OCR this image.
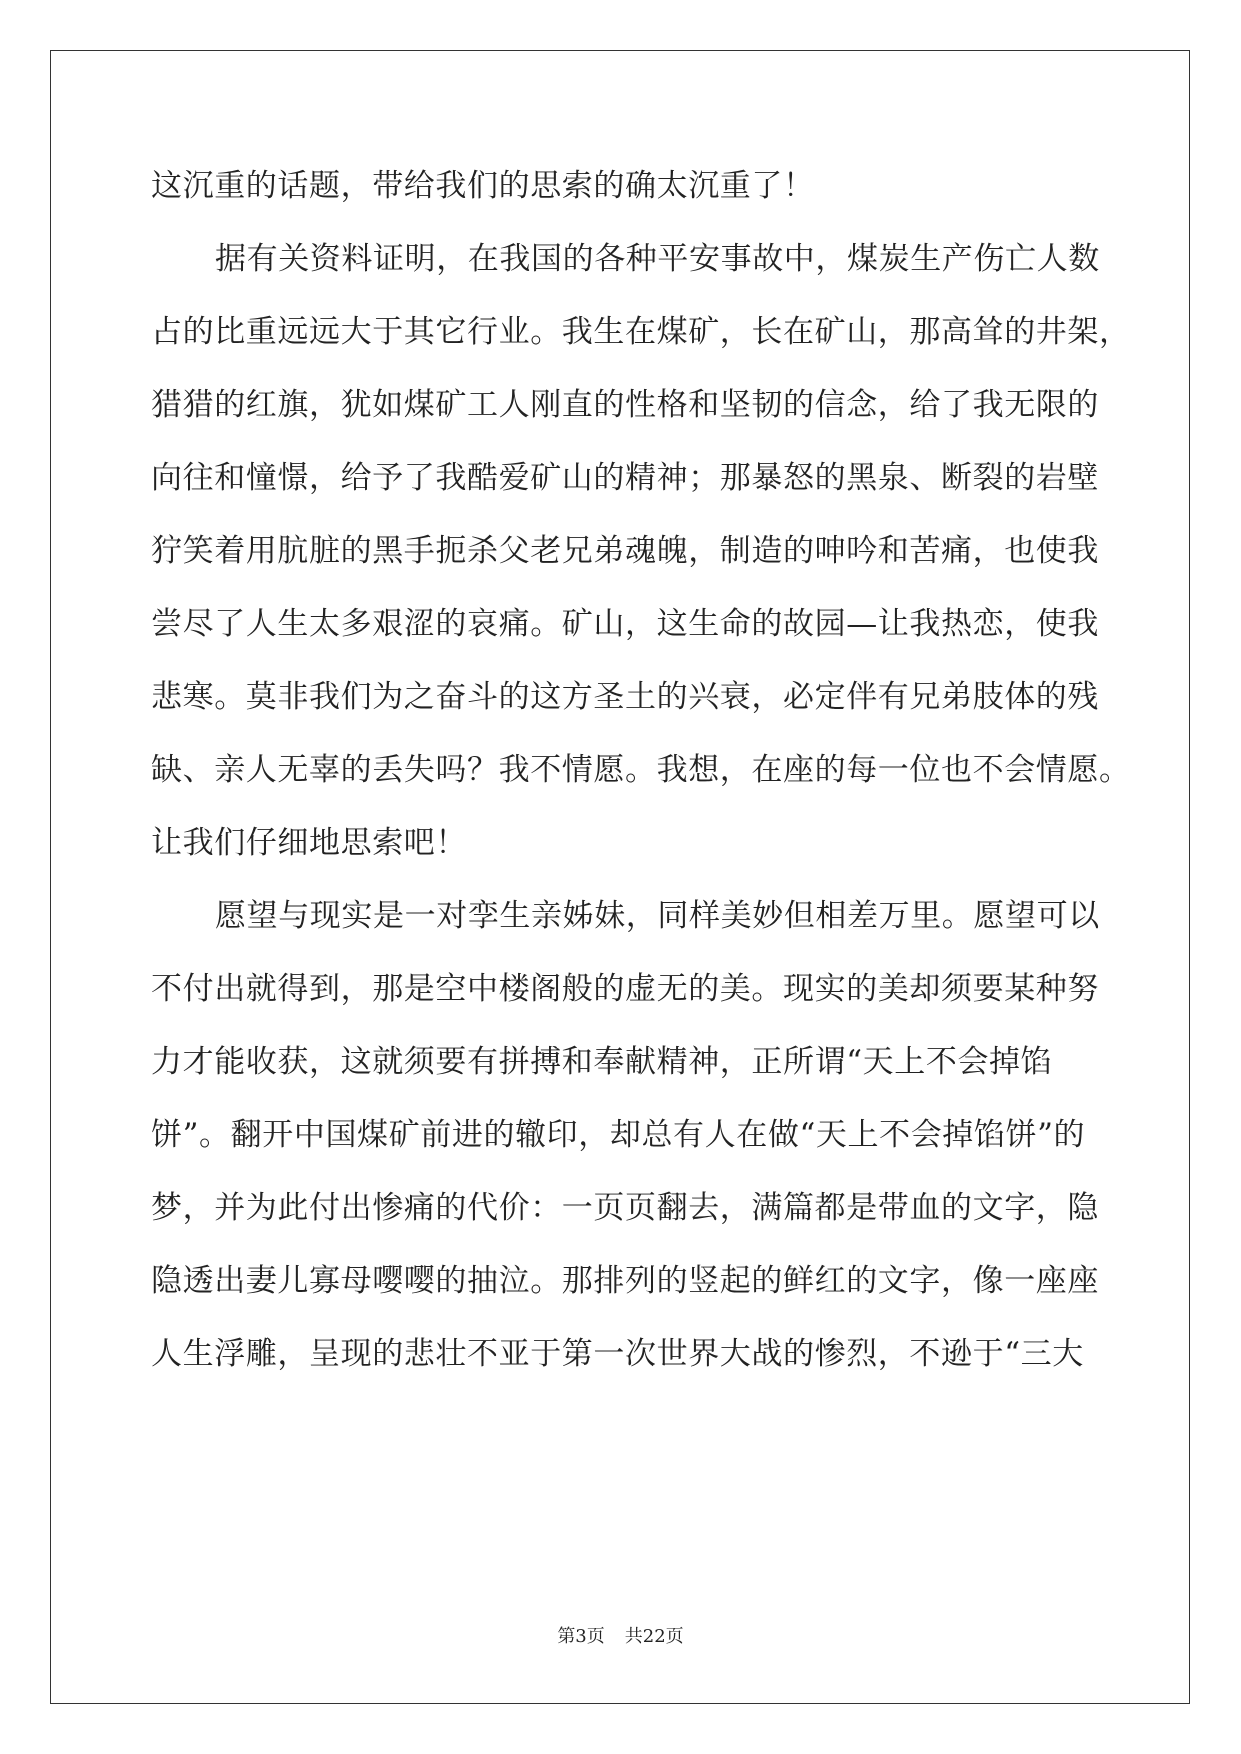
这沉重的话题，带给我们的思索的确太沉重了！
据有关资料证明，在我国的各种平安事故中，煤炭生产伤亡人数
占的比重远远大于其它行业。我生在煤矿，长在矿山，那高耸的井架，
猎猎的红旗，犹如煤矿工人刚直的性格和坚韧的信念，给了我无限的
向往和憧憬，给予了我酷爱矿山的精神；那暴怒的黑泉、断裂的岩壁
狞笑着用肮脏的黑手扼杀父老兄弟魂魄，制造的呻吟和苦痛，也使我
尝尽了人生太多艰涩的哀痛。矿山，这生命的故园—让我热恋，使我
悲寒。莫非我们为之奋斗的这方圣土的兴衰，必定伴有兄弟肢体的残
缺、亲人无辜的丢失吗？我不情愿。我想，在座的每一位也不会情愿。
让我们仔细地思索吧！
愿望与现实是一对孪生亲姊妹，同样美妙但相差万里。愿望可以
不付出就得到，那是空中楼阁般的虚无的美。现实的美却须要某种努
力才能收获，这就须要有拼搏和奉献精神，正所谓“天上不会掉馅
饼”。翻开中国煤矿前进的辙印，却总有人在做“天上不会掉馅饼”的
梦，并为此付出惨痛的代价：一页页翻去，满篇都是带血的文字，隐
隐透出妻儿寡母嘤嘤的抽泣。那排列的竖起的鲜红的文字，像一座座
人生浮雕，呈现的悲壮不亚于第一次世界大战的惨烈，不逊于“三大
第3页 共22页
